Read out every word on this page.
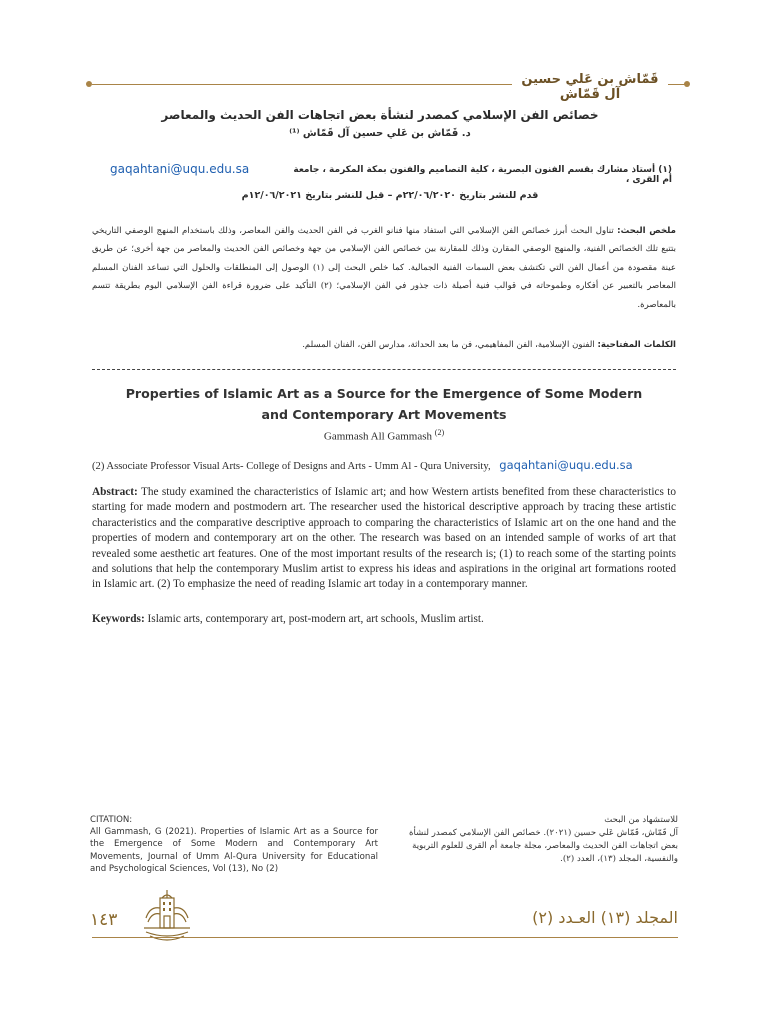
قَمّاش بن عَلي حسين آل قَمّاش
خصائص الفن الإسلامي كمصدر لنشأة بعض اتجاهات الفن الحديث والمعاصر
د. قَمّاش بن عَلي حسين آل قَمّاش ⁽¹⁾
(١) أستاذ مشارك بقسم الفنون البصرية ، كلية التصاميم والفنون بمكة المكرمة ، جامعة أم القرى ،
gaqahtani@uqu.edu.sa
قدم للنشر بتاريخ ٢٢/٠٦/٢٠٢٠م – قبل للنشر بتاريخ ١٢/٠٦/٢٠٢١م
ملخص البحث: تناول البحث أبرز خصائص الفن الإسلامي التي استفاد منها فنانو الغرب في الفن الحديث والفن المعاصر، وذلك باستخدام المنهج الوصفي التاريخي بتتبع تلك الخصائص الفنية، والمنهج الوصفي المقارن وذلك للمقارنة بين خصائص الفن الإسلامي من جهة وخصائص الفن الحديث والمعاصر من جهة أخرى؛ عن طريق عينة مقصودة من أعمال الفن التي تكتشف بعض السمات الفنية الجمالية. كما خلص البحث إلى (١) الوصول إلى المنطلقات والحلول التي تساعد الفنان المسلم المعاصر بالتعبير عن أفكاره وطموحاته في قوالب فنية أصيلة ذات جذور في الفن الإسلامي؛ (٢) التأكيد على ضرورة قراءة الفن الإسلامي اليوم بطريقة تتسم بالمعاصرة.
الكلمات المفتاحية: الفنون الإسلامية، الفن المفاهيمي، فن ما بعد الحداثة، مدارس الفن، الفنان المسلم.
Properties of Islamic Art as a Source for the Emergence of Some Modern and Contemporary Art Movements
Gammash All Gammash $^{(2)}$
(2) Associate Professor Visual Arts- College of Designs and Arts - Umm Al - Qura University, gaqahtani@uqu.edu.sa
Abstract: The study examined the characteristics of Islamic art; and how Western artists benefited from these characteristics to starting for made modern and postmodern art. The researcher used the historical descriptive approach by tracing these artistic characteristics and the comparative descriptive approach to comparing the characteristics of Islamic art on the one hand and the properties of modern and contemporary art on the other. The research was based on an intended sample of works of art that revealed some aesthetic art features. One of the most important results of the research is; (1) to reach some of the starting points and solutions that help the contemporary Muslim artist to express his ideas and aspirations in the original art formations rooted in Islamic art. (2) To emphasize the need of reading Islamic art today in a contemporary manner.
Keywords: Islamic arts, contemporary art, post-modern art, art schools, Muslim artist.
CITATION:
All Gammash, G (2021). Properties of Islamic Art as a Source for the Emergence of Some Modern and Contemporary Art Movements, Journal of Umm Al-Qura University for Educational and Psychological Sciences, Vol (13), No (2)
للاستشهاد من البحث
آل قَمّاش، قَمّاش عَلي حسين (٢٠٢١). خصائص الفن الإسلامي كمصدر لنشأة بعض اتجاهات الفن الحديث والمعاصر، مجلة جامعة أم القرى للعلوم التربوية والنفسية، المجلد (١٣)، العدد (٢).
١٤٣	المجلد (١٣) العـدد (٢)
